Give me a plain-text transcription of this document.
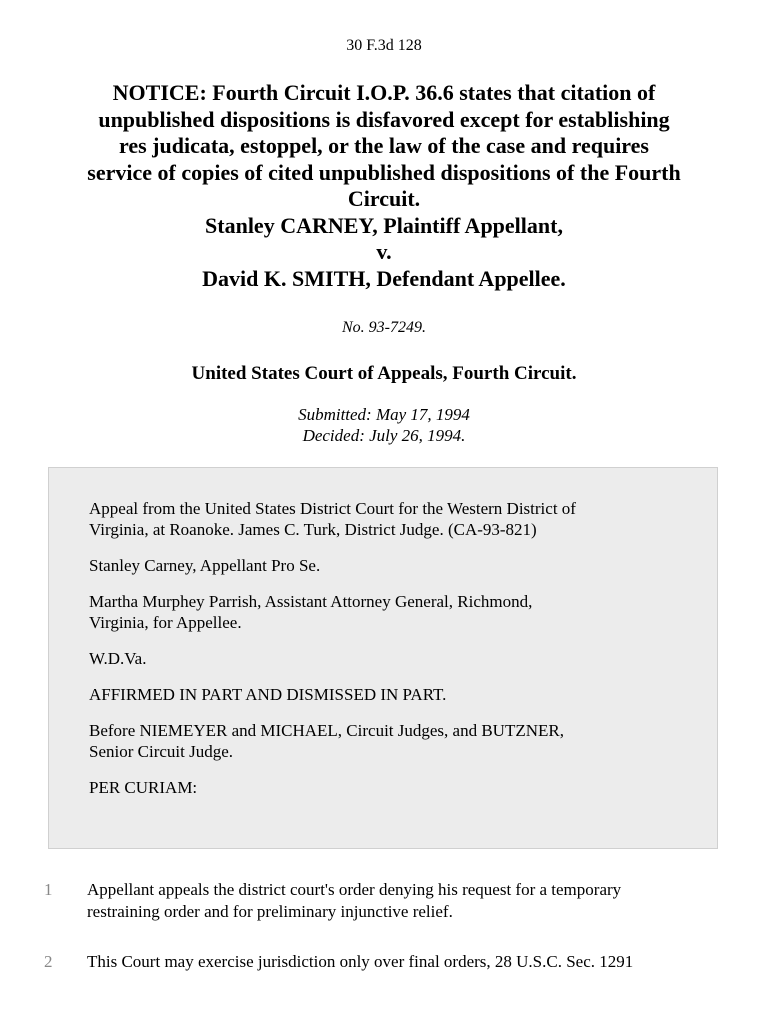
30 F.3d 128
NOTICE: Fourth Circuit I.O.P. 36.6 states that citation of
unpublished dispositions is disfavored except for establishing
res judicata, estoppel, or the law of the case and requires
service of copies of cited unpublished dispositions of the Fourth
Circuit.
Stanley CARNEY, Plaintiff Appellant,
v.
David K. SMITH, Defendant Appellee.
No. 93-7249.
United States Court of Appeals, Fourth Circuit.
Submitted: May 17, 1994
Decided: July 26, 1994.

Appeal from the United States District Court for the Western District of
Virginia, at Roanoke. James C. Turk, District Judge. (CA-93-821)

Stanley Carney, Appellant Pro Se.

Martha Murphey Parrish, Assistant Attorney General, Richmond,
Virginia, for Appellee.

W.D.Va.

AFFIRMED IN PART AND DISMISSED IN PART.

Before NIEMEYER and MICHAEL, Circuit Judges, and BUTZNER,
Senior Circuit Judge.

PER CURIAM:

1	Appellant appeals the district court's order denying his request for a temporary
restraining order and for preliminary injunctive relief.
2	This Court may exercise jurisdiction only over final orders, 28 U.S.C. Sec. 1291
